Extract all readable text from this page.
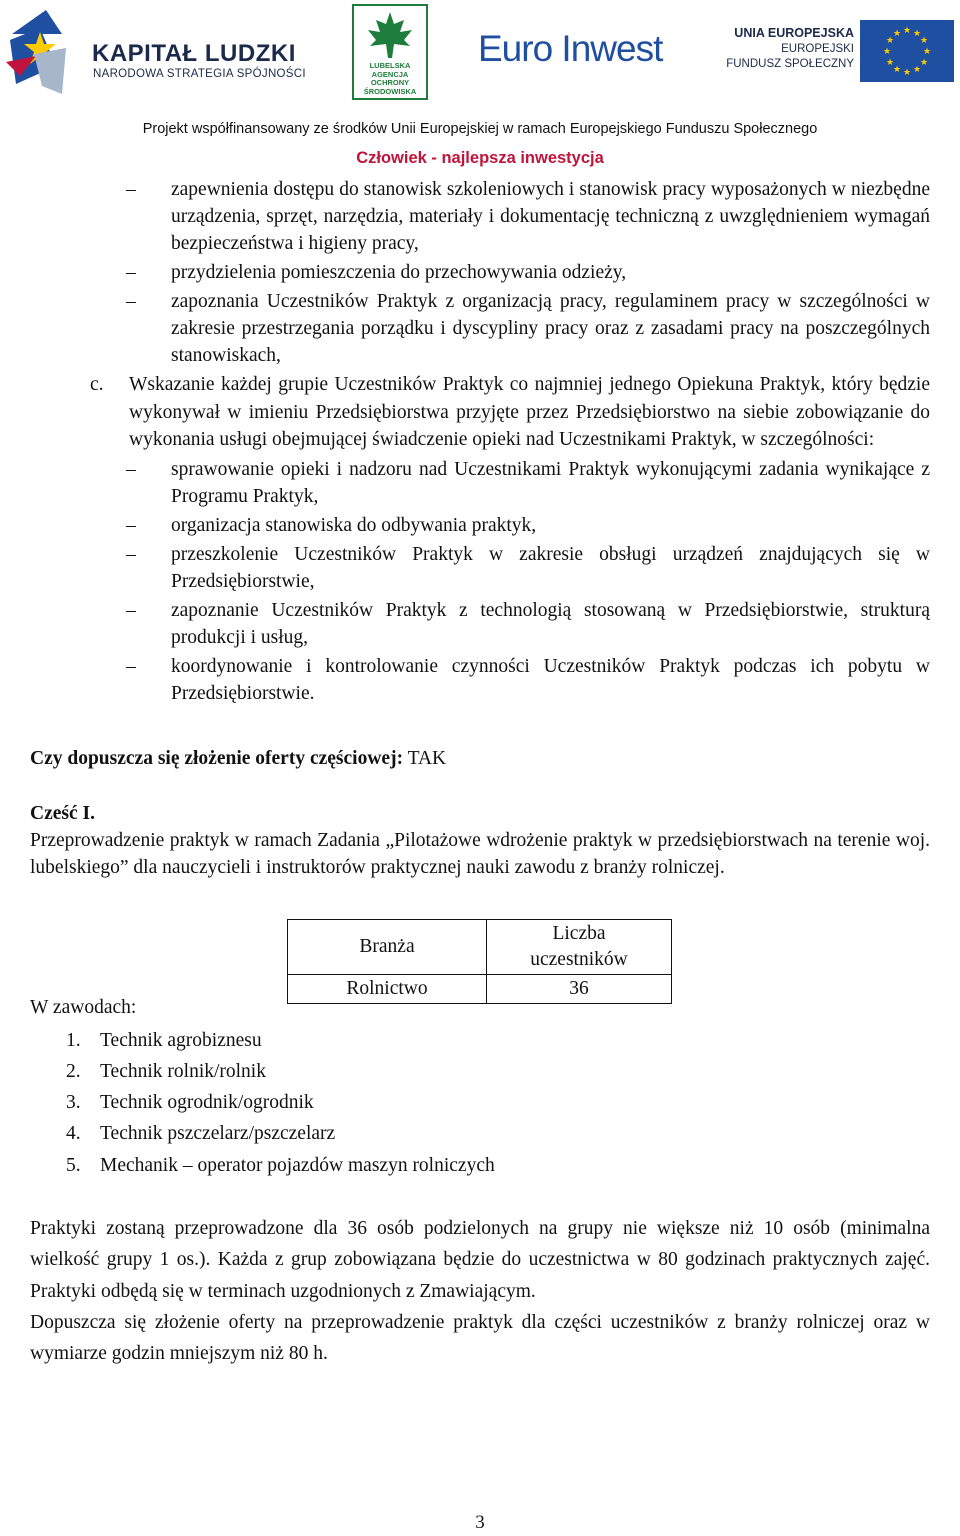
KAPITAŁ LUDZKI
NARODOWA STRATEGIA SPÓJNOŚCI
LUBELSKA
AGENCJA
OCHRONY
ŚRODOWISKA
Euro Inwest	UNIA EUROPEJSKA
EUROPEJSKI
FUNDUSZ SPOŁECZNY
★ ★
★
★
★
★
★
★
★
★
★
★
Projekt współfinansowany ze środków Unii Europejskiej w ramach Europejskiego Funduszu Społecznego
Człowiek - najlepsza inwestycja
– zapewnienia dostępu do stanowisk szkoleniowych i stanowisk pracy wyposażonych w niezbędne urządzenia, sprzęt, narzędzia, materiały i dokumentację techniczną z uwzględnieniem wymagań bezpieczeństwa i higieny pracy,
– przydzielenia pomieszczenia do przechowywania odzieży,
– zapoznania Uczestników Praktyk z organizacją pracy, regulaminem pracy w szczególności w zakresie przestrzegania porządku i dyscypliny pracy oraz z zasadami pracy na poszczególnych stanowiskach,
c. Wskazanie każdej grupie Uczestników Praktyk co najmniej jednego Opiekuna Praktyk, który będzie wykonywał w imieniu Przedsiębiorstwa przyjęte przez Przedsiębiorstwo na siebie zobowiązanie do wykonania usługi obejmującej świadczenie opieki nad Uczestnikami Praktyk, w szczególności:
– sprawowanie opieki i nadzoru nad Uczestnikami Praktyk wykonującymi zadania wynikające z Programu Praktyk,
– organizacja stanowiska do odbywania praktyk,
– przeszkolenie Uczestników Praktyk w zakresie obsługi urządzeń znajdujących się w Przedsiębiorstwie,
– zapoznanie Uczestników Praktyk z technologią stosowaną w Przedsiębiorstwie, strukturą produkcji i usług,
– koordynowanie i kontrolowanie czynności Uczestników Praktyk podczas ich pobytu w Przedsiębiorstwie.
Czy dopuszcza się złożenie oferty częściowej: TAK
Cześć I.
Przeprowadzenie praktyk w ramach Zadania „Pilotażowe wdrożenie praktyk w przedsiębiorstwach na terenie woj. lubelskiego” dla nauczycieli i instruktorów praktycznej nauki zawodu z branży rolniczej.
Branża	Liczba
uczestników

Rolnictwo	36
W zawodach:
1. Technik agrobiznesu
2. Technik rolnik/rolnik
3. Technik ogrodnik/ogrodnik
4. Technik pszczelarz/pszczelarz
5. Mechanik – operator pojazdów maszyn rolniczych
Praktyki zostaną przeprowadzone dla 36 osób podzielonych na grupy nie większe niż 10 osób (minimalna wielkość grupy 1 os.). Każda z grup zobowiązana będzie do uczestnictwa w 80 godzinach praktycznych zajęć. Praktyki odbędą się w terminach uzgodnionych z Zmawiającym.
Dopuszcza się złożenie oferty na przeprowadzenie praktyk dla części uczestników z branży rolniczej oraz w wymiarze godzin mniejszym niż 80 h.
3
